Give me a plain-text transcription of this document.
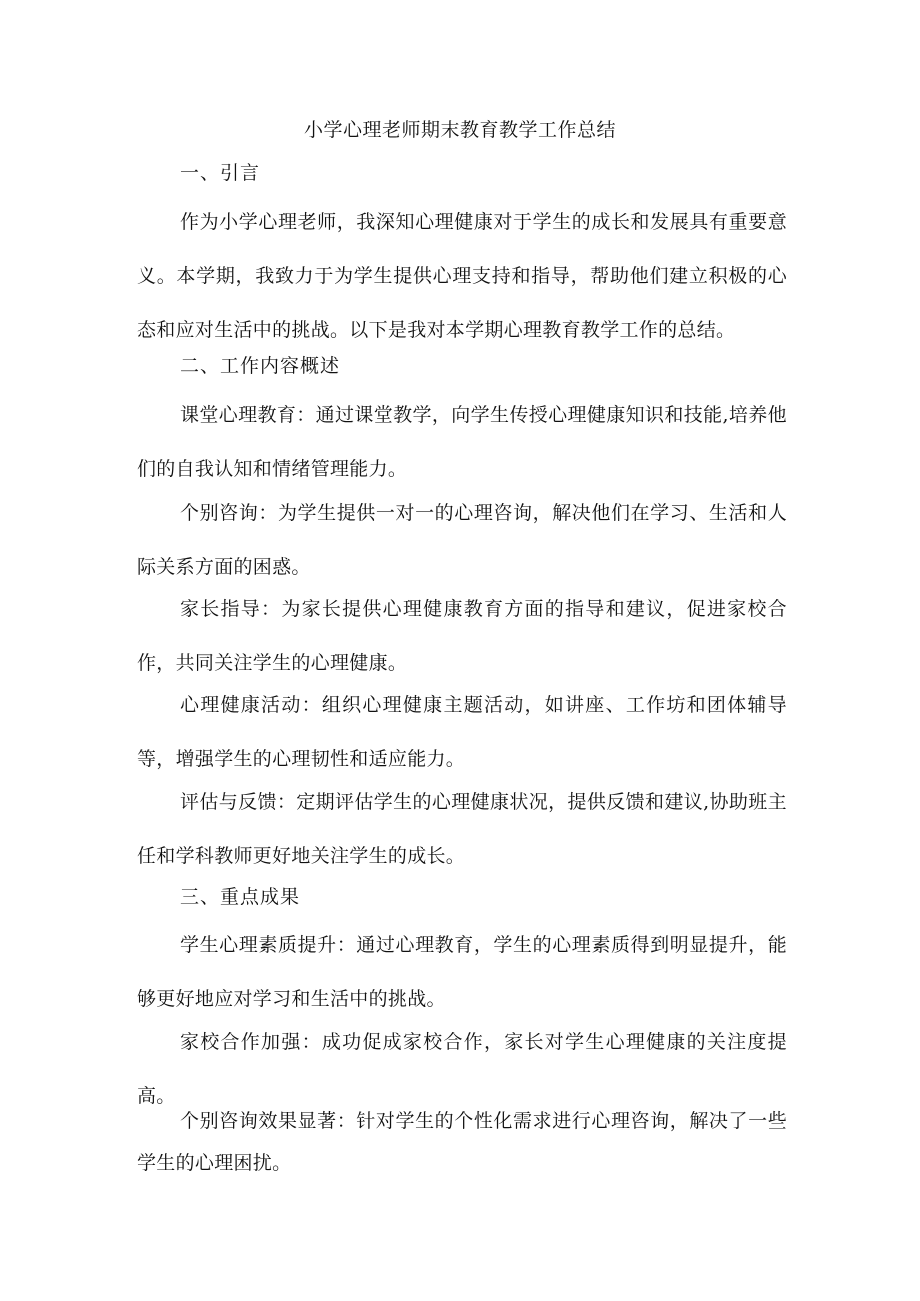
小学心理老师期末教育教学工作总结
一、引言
作为小学心理老师，我深知心理健康对于学生的成长和发展具有重要意义。本学期，我致力于为学生提供心理支持和指导，帮助他们建立积极的心态和应对生活中的挑战。以下是我对本学期心理教育教学工作的总结。
二、工作内容概述
课堂心理教育：通过课堂教学，向学生传授心理健康知识和技能,培养他们的自我认知和情绪管理能力。
个别咨询：为学生提供一对一的心理咨询，解决他们在学习、生活和人际关系方面的困惑。
家长指导：为家长提供心理健康教育方面的指导和建议，促进家校合作，共同关注学生的心理健康。
心理健康活动：组织心理健康主题活动，如讲座、工作坊和团体辅导等，增强学生的心理韧性和适应能力。
评估与反馈：定期评估学生的心理健康状况，提供反馈和建议,协助班主任和学科教师更好地关注学生的成长。
三、重点成果
学生心理素质提升：通过心理教育，学生的心理素质得到明显提升，能够更好地应对学习和生活中的挑战。
家校合作加强：成功促成家校合作，家长对学生心理健康的关注度提高。
个别咨询效果显著：针对学生的个性化需求进行心理咨询，解决了一些学生的心理困扰。
